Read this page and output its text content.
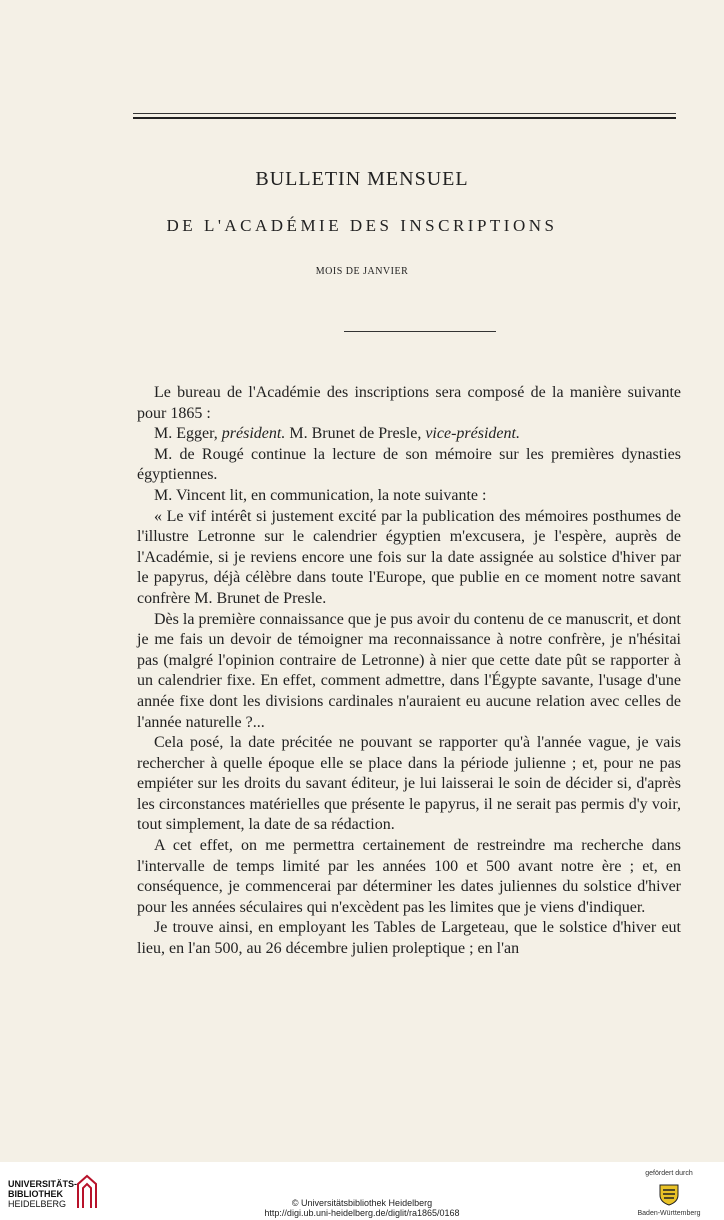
BULLETIN MENSUEL
DE L'ACADÉMIE DES INSCRIPTIONS
MOIS DE JANVIER

Le bureau de l'Académie des inscriptions sera composé de la manière suivante pour 1865 :

M. Egger, président. M. Brunet de Presle, vice-président.

M. de Rougé continue la lecture de son mémoire sur les premières dynasties égyptiennes.

M. Vincent lit, en communication, la note suivante :

« Le vif intérêt si justement excité par la publication des mémoires posthumes de l'illustre Letronne sur le calendrier égyptien m'excusera, je l'espère, auprès de l'Académie, si je reviens encore une fois sur la date assignée au solstice d'hiver par le papyrus, déjà célèbre dans toute l'Europe, que publie en ce moment notre savant confrère M. Brunet de Presle.

Dès la première connaissance que je pus avoir du contenu de ce manuscrit, et dont je me fais un devoir de témoigner ma reconnaissance à notre confrère, je n'hésitai pas (malgré l'opinion contraire de Letronne) à nier que cette date pût se rapporter à un calendrier fixe. En effet, comment admettre, dans l'Égypte savante, l'usage d'une année fixe dont les divisions cardinales n'auraient eu aucune relation avec celles de l'année naturelle ?...

Cela posé, la date précitée ne pouvant se rapporter qu'à l'année vague, je vais rechercher à quelle époque elle se place dans la période julienne ; et, pour ne pas empiéter sur les droits du savant éditeur, je lui laisserai le soin de décider si, d'après les circonstances matérielles que présente le papyrus, il ne serait pas permis d'y voir, tout simplement, la date de sa rédaction.

A cet effet, on me permettra certainement de restreindre ma recherche dans l'intervalle de temps limité par les années 100 et 500 avant notre ère ; et, en conséquence, je commencerai par déterminer les dates juliennes du solstice d'hiver pour les années séculaires qui n'excèdent pas les limites que je viens d'indiquer.

Je trouve ainsi, en employant les Tables de Largeteau, que le solstice d'hiver eut lieu, en l'an 500, au 26 décembre julien proleptique ; en l'an

UNIVERSITÄTS-
BIBLIOTHEK
HEIDELBERG	© Universitätsbibliothek Heidelberg
http://digi.ub.uni-heidelberg.de/diglit/ra1865/0168
gefördert durch
Baden-Württemberg
